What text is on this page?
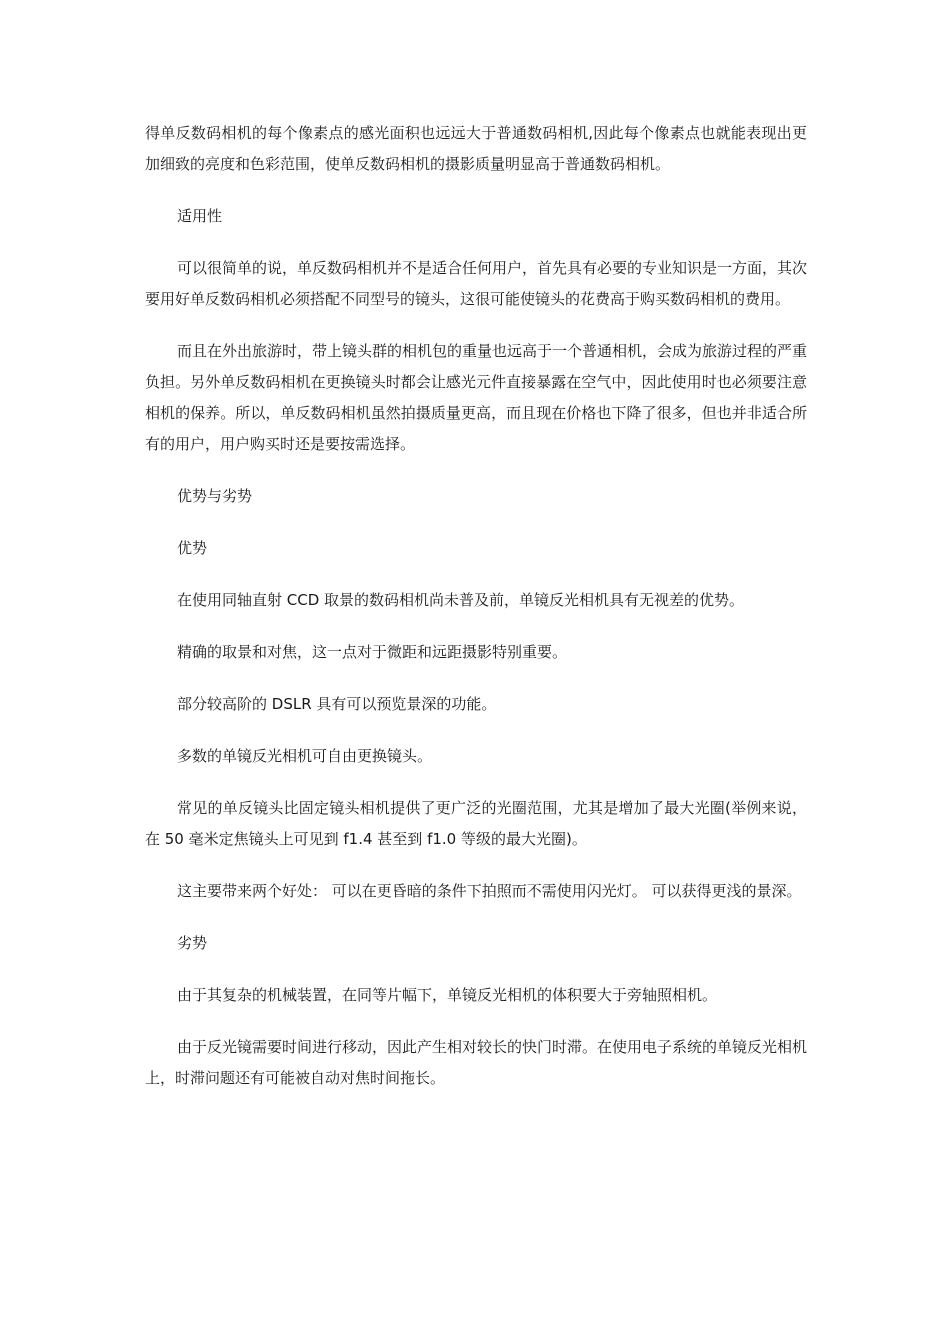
得单反数码相机的每个像素点的感光面积也远远大于普通数码相机,因此每个像素点也就能表现出更加细致的亮度和色彩范围，使单反数码相机的摄影质量明显高于普通数码相机。

适用性

可以很简单的说，单反数码相机并不是适合任何用户，首先具有必要的专业知识是一方面，其次要用好单反数码相机必须搭配不同型号的镜头，这很可能使镜头的花费高于购买数码相机的费用。

而且在外出旅游时，带上镜头群的相机包的重量也远高于一个普通相机，会成为旅游过程的严重负担。另外单反数码相机在更换镜头时都会让感光元件直接暴露在空气中，因此使用时也必须要注意相机的保养。所以，单反数码相机虽然拍摄质量更高，而且现在价格也下降了很多，但也并非适合所有的用户，用户购买时还是要按需选择。

优势与劣势

优势

在使用同轴直射 CCD 取景的数码相机尚未普及前，单镜反光相机具有无视差的优势。

精确的取景和对焦，这一点对于微距和远距摄影特别重要。

部分较高阶的 DSLR 具有可以预览景深的功能。

多数的单镜反光相机可自由更换镜头。

常见的单反镜头比固定镜头相机提供了更广泛的光圈范围，尤其是增加了最大光圈(举例来说，在 50 毫米定焦镜头上可见到 f1.4 甚至到 f1.0 等级的最大光圈)。

这主要带来两个好处： 可以在更昏暗的条件下拍照而不需使用闪光灯。 可以获得更浅的景深。

劣势

由于其复杂的机械装置，在同等片幅下，单镜反光相机的体积要大于旁轴照相机。

由于反光镜需要时间进行移动，因此产生相对较长的快门时滞。在使用电子系统的单镜反光相机上，时滞问题还有可能被自动对焦时间拖长。
